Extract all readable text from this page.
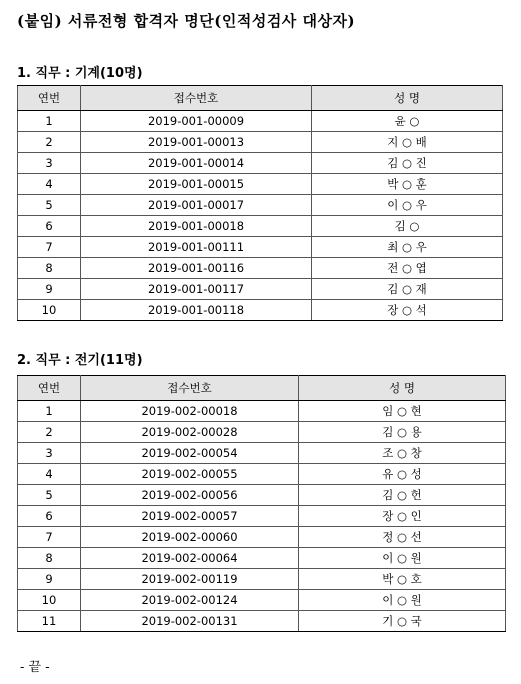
(붙임) 서류전형 합격자 명단(인적성검사 대상자)
1. 직무 : 기계(10명)
연번	접수번호	성 명
1	2019-001-00009	윤 ○
2	2019-001-00013	지 ○ 배
3	2019-001-00014	김 ○ 진
4	2019-001-00015	박 ○ 훈
5	2019-001-00017	이 ○ 우
6	2019-001-00018	김 ○
7	2019-001-00111	최 ○ 우
8	2019-001-00116	전 ○ 엽
9	2019-001-00117	김 ○ 재
10	2019-001-00118	장 ○ 석
2. 직무 : 전기(11명)
연번	접수번호	성 명
1	2019-002-00018	임 ○ 현
2	2019-002-00028	김 ○ 용
3	2019-002-00054	조 ○ 창
4	2019-002-00055	유 ○ 성
5	2019-002-00056	김 ○ 헌
6	2019-002-00057	장 ○ 인
7	2019-002-00060	정 ○ 선
8	2019-002-00064	이 ○ 원
9	2019-002-00119	박 ○ 호
10	2019-002-00124	이 ○ 원
11	2019-002-00131	기 ○ 국
- 끝 -
